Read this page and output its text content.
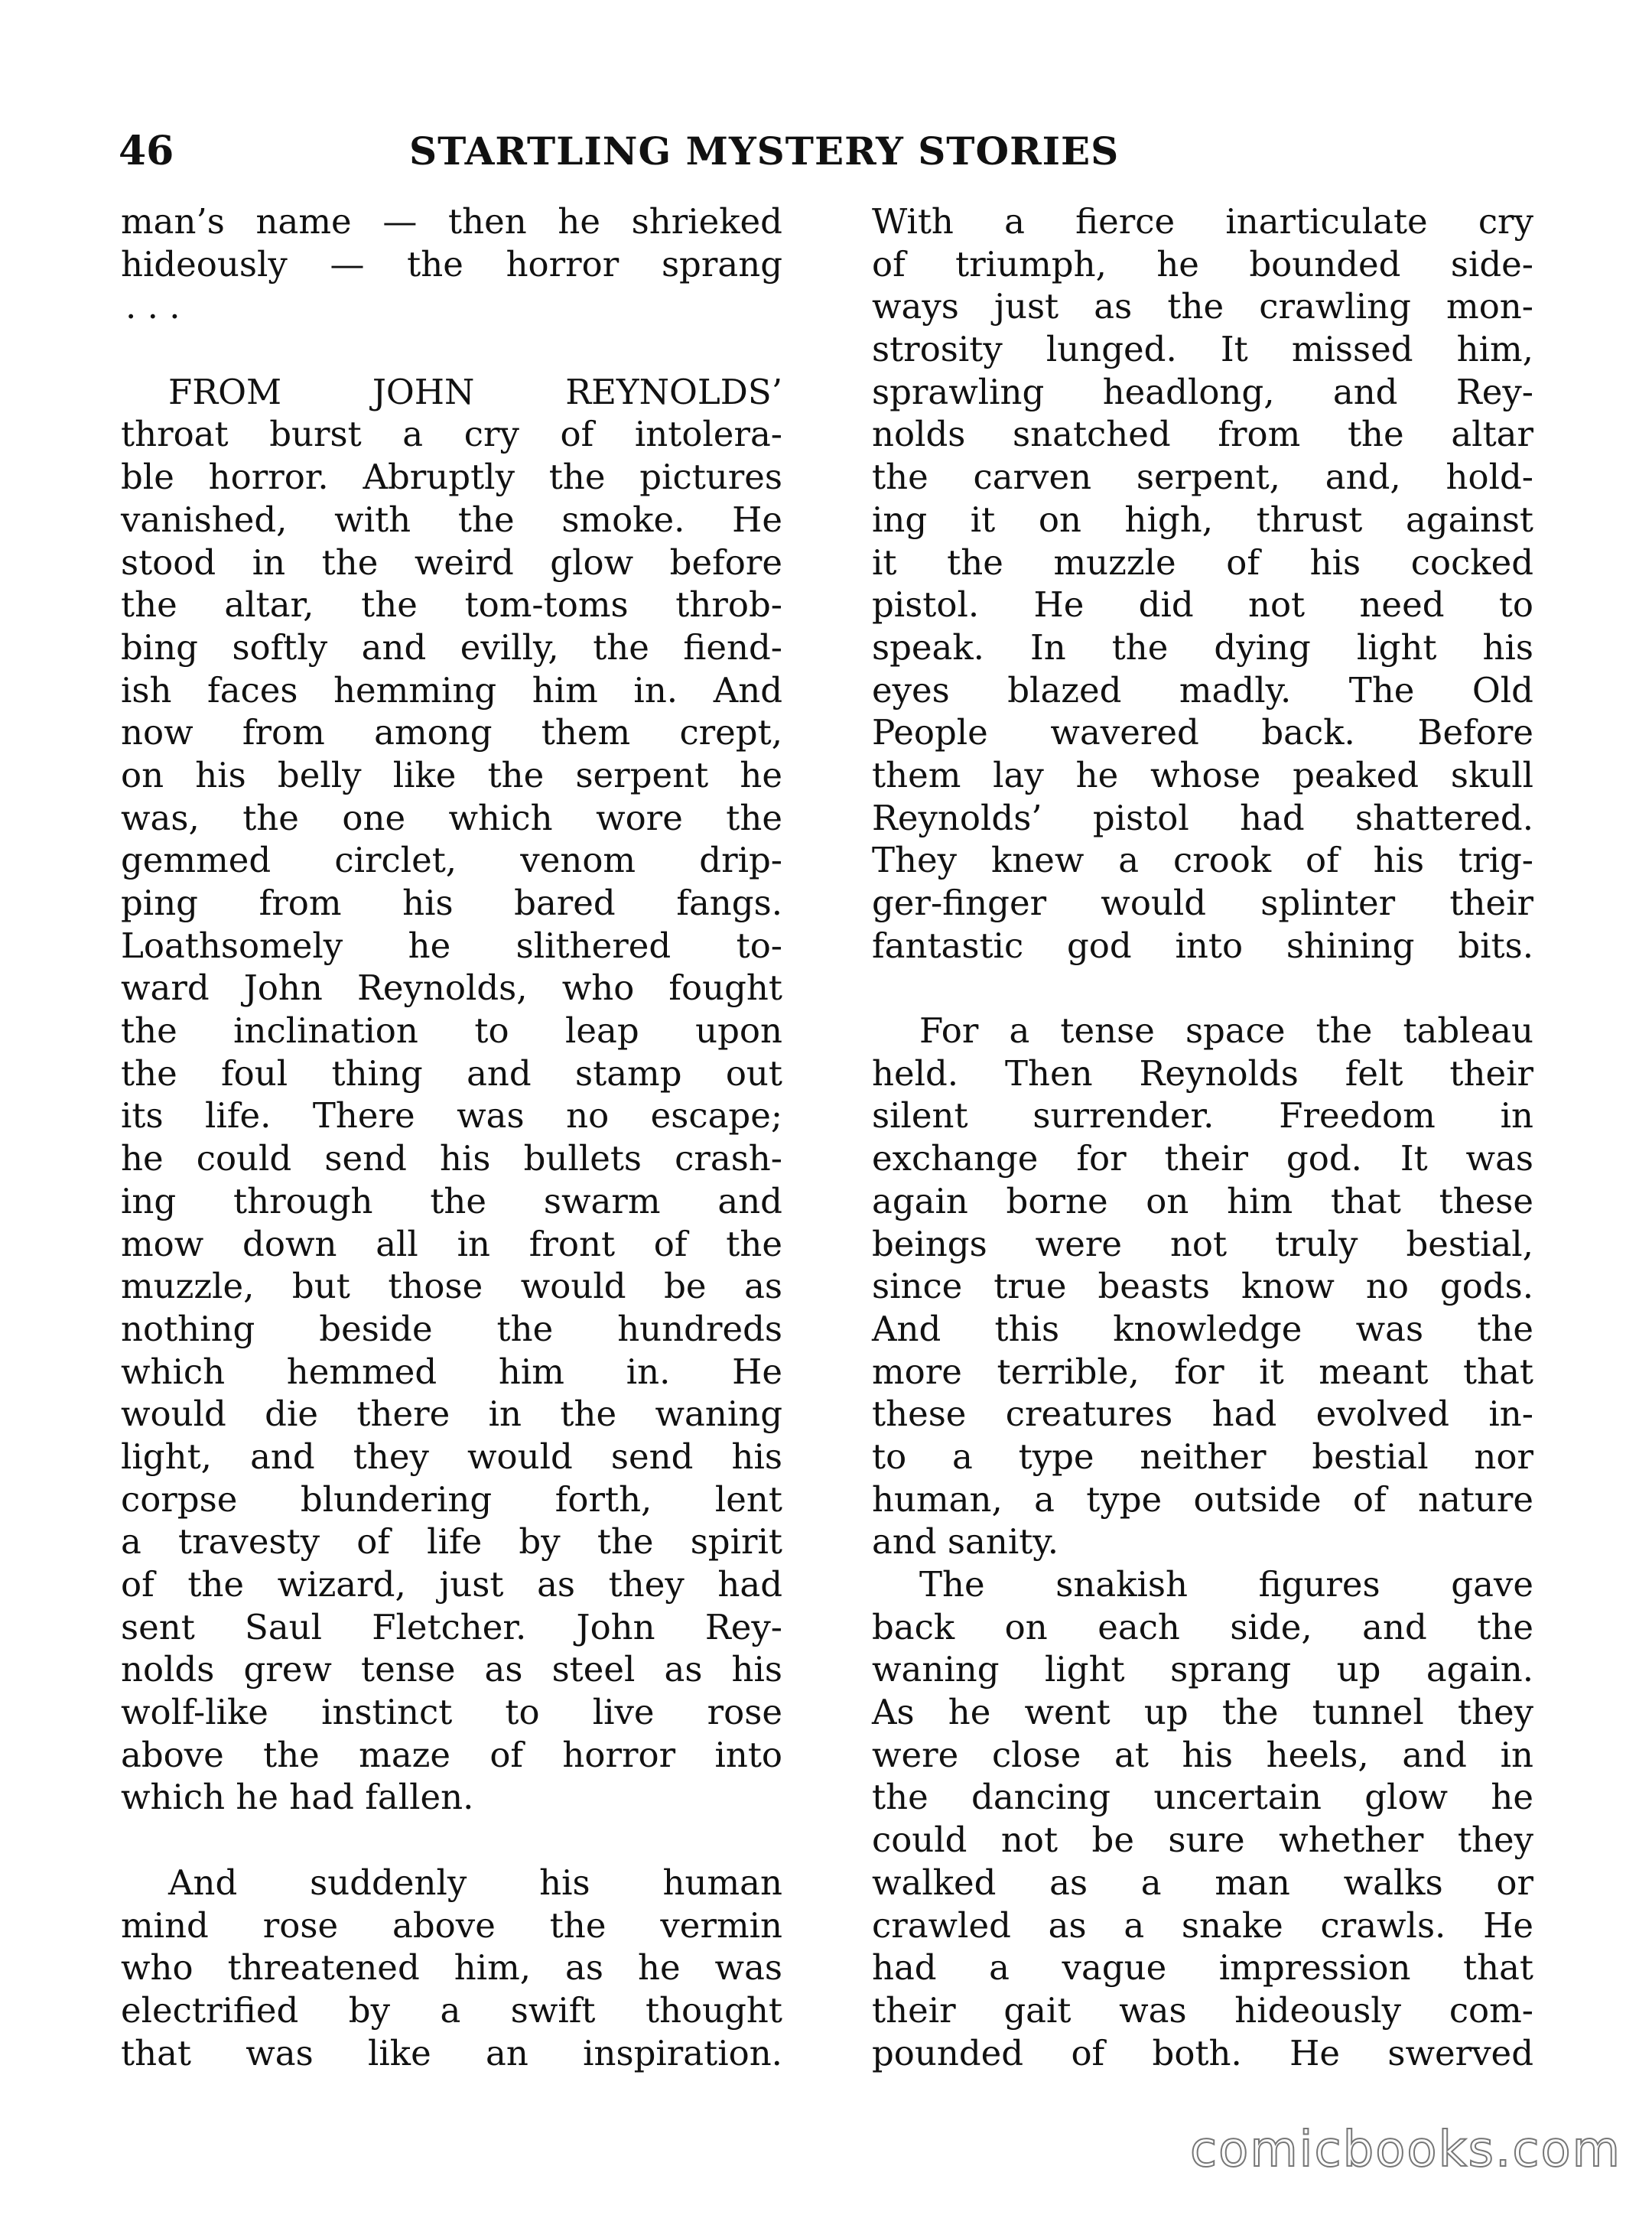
46	STARTLING MYSTERY STORIES
man’s name — then he shrieked
hideously — the horror sprang
. . .
FROM JOHN REYNOLDS’
throat burst a cry of intolera-
ble horror. Abruptly the pictures
vanished, with the smoke. He
stood in the weird glow before
the altar, the tom-toms throb-
bing softly and evilly, the fiend-
ish faces hemming him in. And
now from among them crept,
on his belly like the serpent he
was, the one which wore the
gemmed circlet, venom drip-
ping from his bared fangs.
Loathsomely he slithered to-
ward John Reynolds, who fought
the inclination to leap upon
the foul thing and stamp out
its life. There was no escape;
he could send his bullets crash-
ing through the swarm and
mow down all in front of the
muzzle, but those would be as
nothing beside the hundreds
which hemmed him in. He
would die there in the waning
light, and they would send his
corpse blundering forth, lent
a travesty of life by the spirit
of the wizard, just as they had
sent Saul Fletcher. John Rey-
nolds grew tense as steel as his
wolf-like instinct to live rose
above the maze of horror into
which he had fallen.
And suddenly his human
mind rose above the vermin
who threatened him, as he was
electrified by a swift thought
that was like an inspiration.
With a fierce inarticulate cry
of triumph, he bounded side-
ways just as the crawling mon-
strosity lunged. It missed him,
sprawling headlong, and Rey-
nolds snatched from the altar
the carven serpent, and, hold-
ing it on high, thrust against
it the muzzle of his cocked
pistol. He did not need to
speak. In the dying light his
eyes blazed madly. The Old
People wavered back. Before
them lay he whose peaked skull
Reynolds’ pistol had shattered.
They knew a crook of his trig-
ger-finger would splinter their
fantastic god into shining bits.
For a tense space the tableau
held. Then Reynolds felt their
silent surrender. Freedom in
exchange for their god. It was
again borne on him that these
beings were not truly bestial,
since true beasts know no gods.
And this knowledge was the
more terrible, for it meant that
these creatures had evolved in-
to a type neither bestial nor
human, a type outside of nature
and sanity.
The snakish figures gave
back on each side, and the
waning light sprang up again.
As he went up the tunnel they
were close at his heels, and in
the dancing uncertain glow he
could not be sure whether they
walked as a man walks or
crawled as a snake crawls. He
had a vague impression that
their gait was hideously com-
pounded of both. He swerved
comicbooks.com
